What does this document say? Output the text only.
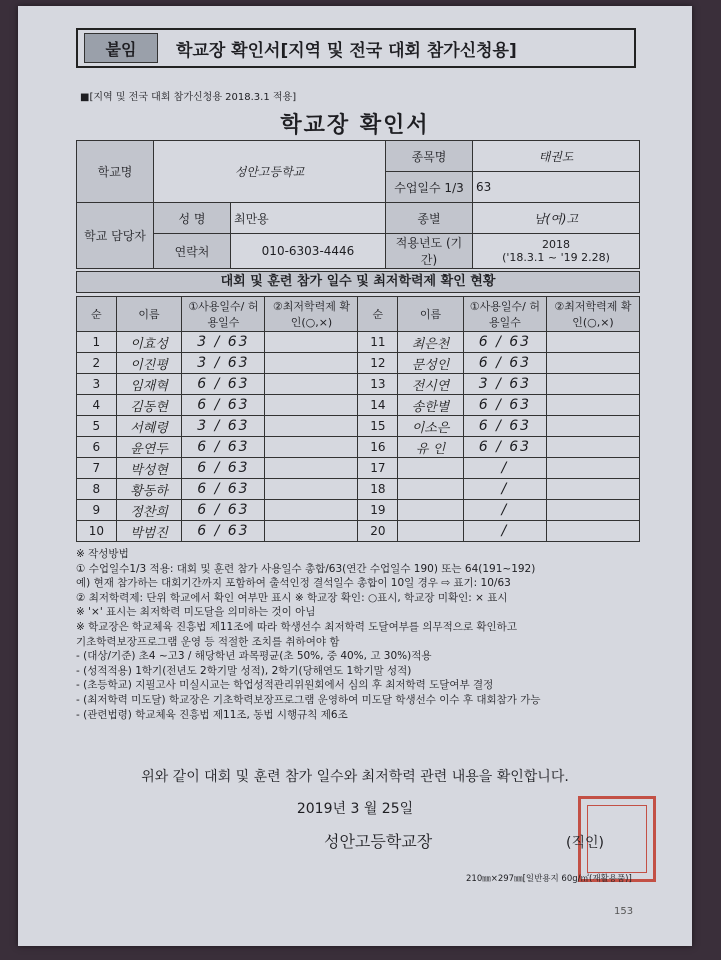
붙임	학교장 확인서[지역 및 전국 대회 참가신청용]
■[지역 및 전국 대회 참가신청용 2018.3.1 적용]
학교장 확인서
학교명	성안고등학교		종목명	태권도
			수업일수 1/3	63
학교 담당자	성 명	최만용	종별	남(여)고
	연락처	010-6303-4446	적용년도 (기간)	2018
('18.3.1 ~ '19 2.28)
대회 및 훈련 참가 일수 및 최저학력제 확인 현황
순	이름	①사용일수/ 허용일수	②최저학력제 확인(○,×)	순	이름	①사용일수/ 허용일수	②최저학력제 확인(○,×)
1	이효성	3 / 63		11	최은천	6 / 63	
2	이진평	3 / 63		12	문성인	6 / 63	
3	임재혁	6 / 63		13	전시연	3 / 63	
4	김동현	6 / 63		14	송한별	6 / 63	
5	서혜령	3 / 63		15	이소은	6 / 63	
6	윤연두	6 / 63		16	유 인	6 / 63	
7	박성현	6 / 63		17		/	
8	황동하	6 / 63		18		/	
9	정찬희	6 / 63		19		/	
10	박범진	6 / 63		20		/	
※ 작성방법
① 수업일수1/3 적용: 대회 및 훈련 참가 사용일수 총합/63(연간 수업일수 190) 또는 64(191~192)
예) 현재 참가하는 대회기간까지 포함하여 출석인정 결석일수 총합이 10일 경우 ⇨ 표기: 10/63
② 최저학력제: 단위 학교에서 확인 여부만 표시 ※ 학교장 확인: ○표시, 학교장 미확인: × 표시
※ '×' 표시는 최저학력 미도달을 의미하는 것이 아님
※ 학교장은 학교체육 진흥법 제11조에 따라 학생선수 최저학력 도달여부를 의무적으로 확인하고
기초학력보장프로그램 운영 등 적절한 조치를 취하여야 함
- (대상/기준) 초4 ~고3 / 해당학년 과목평균(초 50%, 중 40%, 고 30%)적용
- (성적적용) 1학기(전년도 2학기말 성적), 2학기(당해연도 1학기말 성적)
- (초등학교) 지필고사 미실시교는 학업성적관리위원회에서 심의 후 최저학력 도달여부 결정
- (최저학력 미도달) 학교장은 기초학력보장프로그램 운영하여 미도달 학생선수 이수 후 대회참가 가능
- (관련법령) 학교체육 진흥법 제11조, 동법 시행규칙 제6조
위와 같이 대회 및 훈련 참가 일수와 최저학력 관련 내용을 확인합니다.
2019년 3 월 25일
성안고등학교장	(직인)
210㎜×297㎜[일반용지 60g/㎡(재활용품)]
153
